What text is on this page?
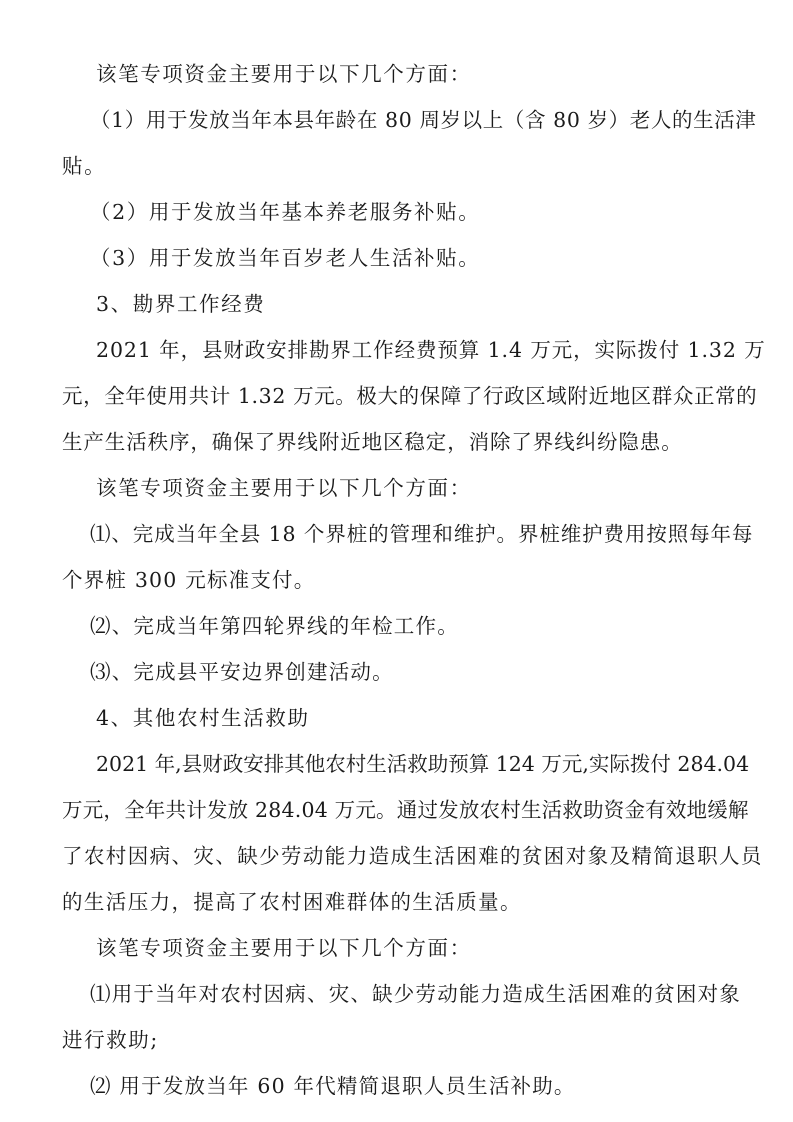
该笔专项资金主要用于以下几个方面：

（1）用于发放当年本县年龄在 80 周岁以上（含 80 岁）老人的生活津

贴。

（2）用于发放当年基本养老服务补贴。

（3）用于发放当年百岁老人生活补贴。

3、勘界工作经费

2021 年，县财政安排勘界工作经费预算 1.4 万元，实际拨付 1.32 万

元，全年使用共计 1.32 万元。极大的保障了行政区域附近地区群众正常的

生产生活秩序，确保了界线附近地区稳定，消除了界线纠纷隐患。

该笔专项资金主要用于以下几个方面：

⑴、完成当年全县 18 个界桩的管理和维护。界桩维护费用按照每年每

个界桩 300 元标准支付。

⑵、完成当年第四轮界线的年检工作。

⑶、完成县平安边界创建活动。

4、其他农村生活救助

2021 年,县财政安排其他农村生活救助预算 124 万元,实际拨付 284.04

万元，全年共计发放 284.04 万元。通过发放农村生活救助资金有效地缓解

了农村因病、灾、缺少劳动能力造成生活困难的贫困对象及精简退职人员

的生活压力，提高了农村困难群体的生活质量。

该笔专项资金主要用于以下几个方面：

⑴用于当年对农村因病、灾、缺少劳动能力造成生活困难的贫困对象

进行救助;

⑵ 用于发放当年 60 年代精简退职人员生活补助。
